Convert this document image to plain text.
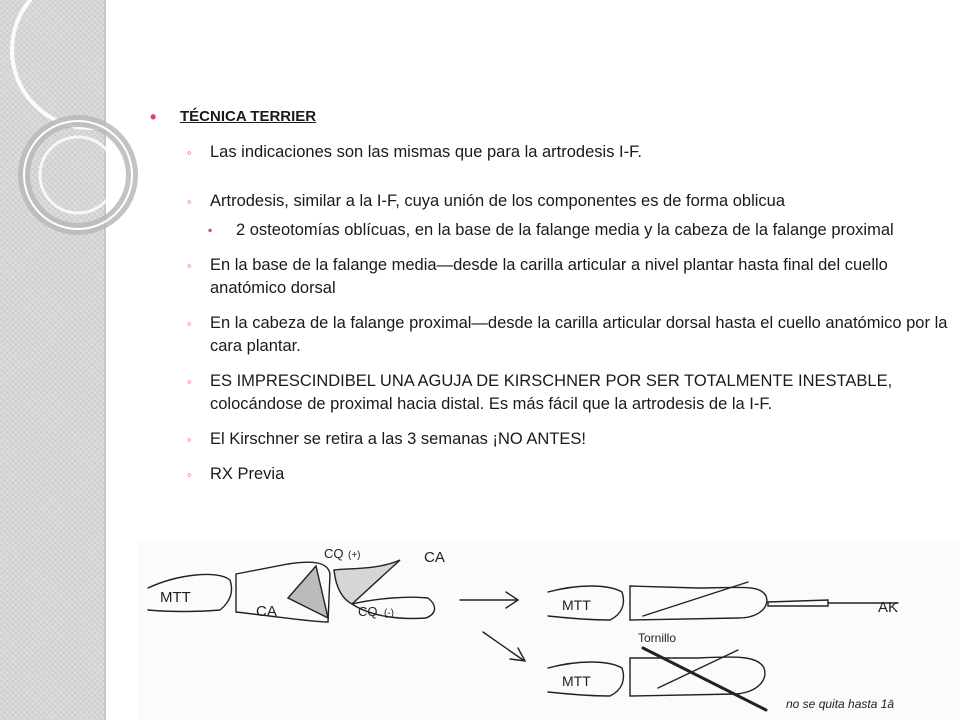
• TÉCNICA TERRIER
◦ Las indicaciones son las mismas que para la artrodesis I-F.
◦ Artrodesis, similar a la I-F, cuya unión de los componentes es de forma oblicua
▪ 2 osteotomías oblícuas, en la base de la falange media y la cabeza de la falange proximal
◦ En la base de la falange media—desde la carilla articular a nivel plantar hasta final del cuello anatómico dorsal
◦ En la cabeza de la falange proximal—desde la carilla articular dorsal hasta el cuello anatómico por la cara plantar.
◦ ES IMPRESCINDIBEL UNA AGUJA DE KIRSCHNER POR SER TOTALMENTE INESTABLE, colocándose de proximal hacia distal. Es más fácil que la artrodesis de la I-F.
◦ El Kirschner se retira a las 3 semanas ¡NO ANTES!
◦ RX Previa
MTT
CA
CQ (+)	CA
CQ (-)
MTT	AK
Tornillo
MTT
no se quita hasta 1ā
